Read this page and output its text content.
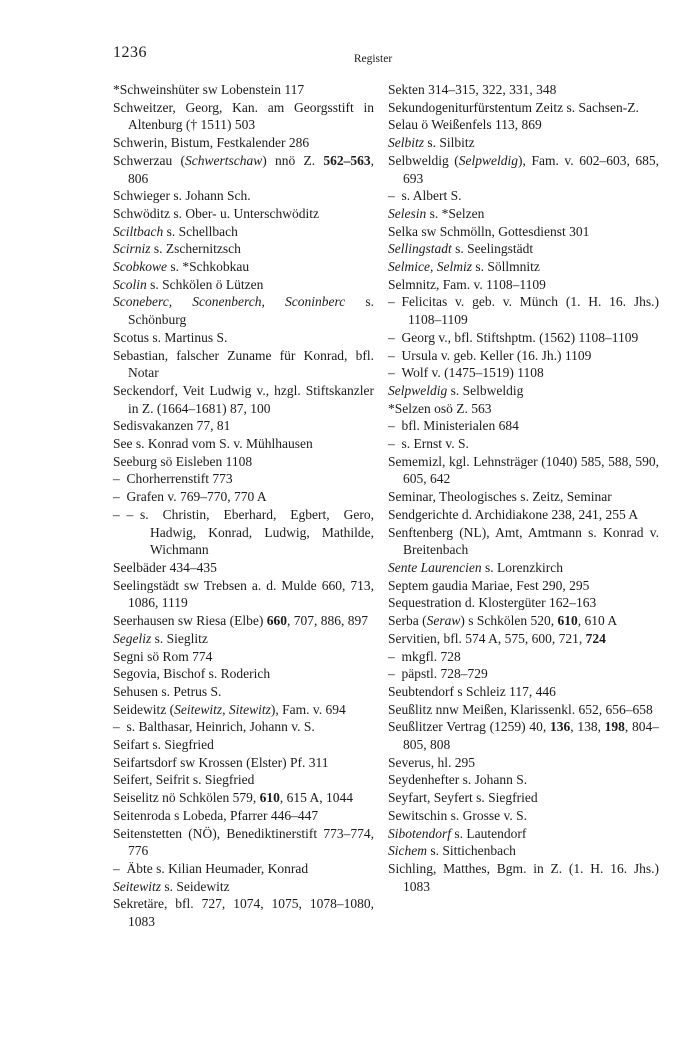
1236	Register

*Schweinshüter sw Lobenstein 117

Schweitzer, Georg, Kan. am Georgsstift in Altenburg († 1511) 503

Schwerin, Bistum, Festkalender 286

Schwerzau (Schwertschaw) nnö Z. 562–563, 806

Schwieger s. Johann Sch.

Schwöditz s. Ober- u. Unterschwöditz

Sciltbach s. Schellbach

Scirniz s. Zschernitzsch

Scobkowe s. *Schkobkau

Scolin s. Schkölen ö Lützen

Sconeberc, Sconenberch, Sconinberc s. Schönburg

Scotus s. Martinus S.

Sebastian, falscher Zuname für Konrad, bfl. Notar

Seckendorf, Veit Ludwig v., hzgl. Stiftskanzler in Z. (1664–1681) 87, 100

Sedisvakanzen 77, 81

See s. Konrad vom S. v. Mühlhausen

Seeburg sö Eisleben 1108

– Chorherrenstift 773

– Grafen v. 769–770, 770 A

– – s. Christin, Eberhard, Egbert, Gero, Hadwig, Konrad, Ludwig, Mathilde, Wichmann

Seelbäder 434–435

Seelingstädt sw Trebsen a. d. Mulde 660, 713, 1086, 1119

Seerhausen sw Riesa (Elbe) 660, 707, 886, 897

Segeliz s. Sieglitz

Segni sö Rom 774

Segovia, Bischof s. Roderich

Sehusen s. Petrus S.

Seidewitz (Seitewitz, Sitewitz), Fam. v. 694

– s. Balthasar, Heinrich, Johann v. S.

Seifart s. Siegfried

Seifartsdorf sw Krossen (Elster) Pf. 311

Seifert, Seifrit s. Siegfried

Seiselitz nö Schkölen 579, 610, 615 A, 1044

Seitenroda s Lobeda, Pfarrer 446–447

Seitenstetten (NÖ), Benediktinerstift 773–774, 776

– Äbte s. Kilian Heumader, Konrad

Seitewitz s. Seidewitz

Sekretäre, bfl. 727, 1074, 1075, 1078–1080, 1083

Sekten 314–315, 322, 331, 348

Sekundogeniturfürstentum Zeitz s. Sachsen-Z.

Selau ö Weißenfels 113, 869

Selbitz s. Silbitz

Selbweldig (Selpweldig), Fam. v. 602–603, 685, 693

– s. Albert S.

Selesin s. *Selzen

Selka sw Schmölln, Gottesdienst 301

Sellingstadt s. Seelingstädt

Selmice, Selmiz s. Söllmnitz

Selmnitz, Fam. v. 1108–1109

– Felicitas v. geb. v. Münch (1. H. 16. Jhs.) 1108–1109

– Georg v., bfl. Stiftshptm. (1562) 1108–1109

– Ursula v. geb. Keller (16. Jh.) 1109

– Wolf v. (1475–1519) 1108

Selpweldig s. Selbweldig

*Selzen osö Z. 563

– bfl. Ministerialen 684

– s. Ernst v. S.

Sememizl, kgl. Lehnsträger (1040) 585, 588, 590, 605, 642

Seminar, Theologisches s. Zeitz, Seminar

Sendgerichte d. Archidiakone 238, 241, 255 A

Senftenberg (NL), Amt, Amtmann s. Konrad v. Breitenbach

Sente Laurencien s. Lorenzkirch

Septem gaudia Mariae, Fest 290, 295

Sequestration d. Klostergüter 162–163

Serba (Seraw) s Schkölen 520, 610, 610 A

Servitien, bfl. 574 A, 575, 600, 721, 724

– mkgfl. 728

– päpstl. 728–729

Seubtendorf s Schleiz 117, 446

Seußlitz nnw Meißen, Klarissenkl. 652, 656–658

Seußlitzer Vertrag (1259) 40, 136, 138, 198, 804–805, 808

Severus, hl. 295

Seydenhefter s. Johann S.

Seyfart, Seyfert s. Siegfried

Sewitschin s. Grosse v. S.

Sibotendorf s. Lautendorf

Sichem s. Sittichenbach

Sichling, Matthes, Bgm. in Z. (1. H. 16. Jhs.) 1083
